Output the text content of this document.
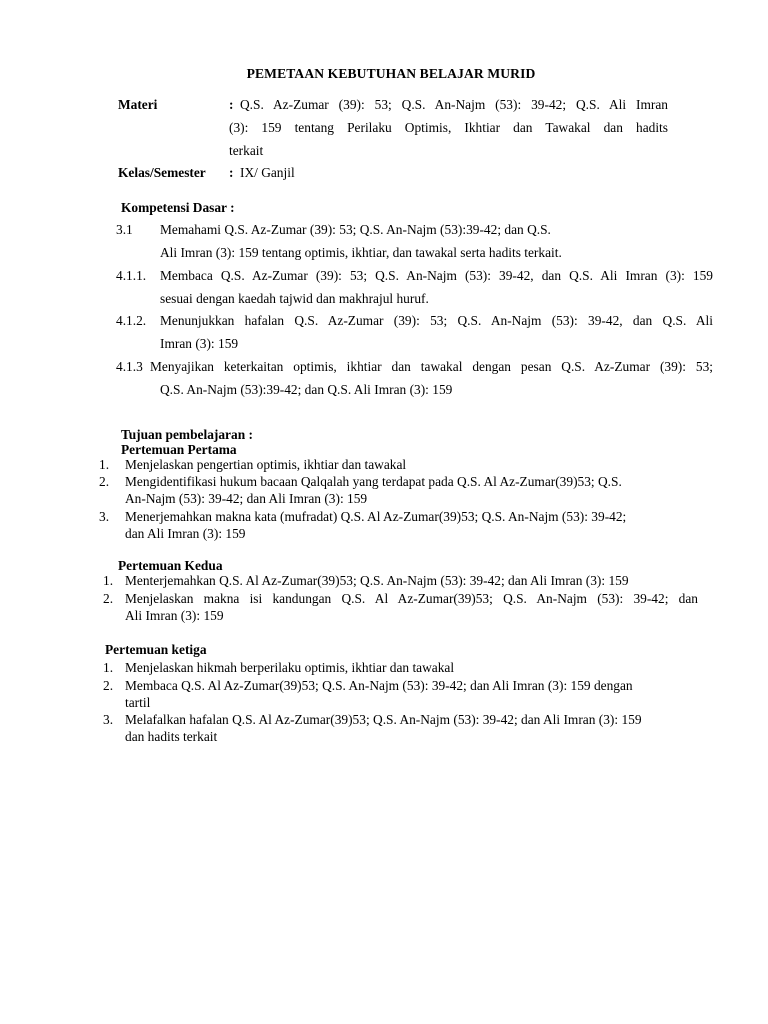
PEMETAAN KEBUTUHAN BELAJAR MURID
Materi	: Q.S. Az-Zumar (39): 53; Q.S. An-Najm (53): 39-42; Q.S. Ali Imran
(3): 159 tentang Perilaku Optimis, Ikhtiar dan Tawakal dan hadits
terkait
Kelas/Semester : IX/ Ganjil
Kompetensi Dasar :
3.1 Memahami Q.S. Az-Zumar (39): 53; Q.S. An-Najm (53):39-42; dan Q.S.
Ali Imran (3): 159 tentang optimis, ikhtiar, dan tawakal serta hadits terkait.
4.1.1. Membaca Q.S. Az-Zumar (39): 53; Q.S. An-Najm (53): 39-42, dan Q.S. Ali Imran (3): 159
sesuai dengan kaedah tajwid dan makhrajul huruf.
4.1.2. Menunjukkan hafalan Q.S. Az-Zumar (39): 53; Q.S. An-Najm (53): 39-42, dan Q.S. Ali
Imran (3): 159
4.1.3 Menyajikan keterkaitan optimis, ikhtiar dan tawakal dengan pesan Q.S. Az-Zumar (39): 53;
Q.S. An-Najm (53):39-42; dan Q.S. Ali Imran (3): 159
Tujuan pembelajaran :
Pertemuan Pertama
1. Menjelaskan pengertian optimis, ikhtiar dan tawakal
2. Mengidentifikasi hukum bacaan Qalqalah yang terdapat pada Q.S. Al Az-Zumar(39)53; Q.S.
An-Najm (53): 39-42; dan Ali Imran (3): 159
3. Menerjemahkan makna kata (mufradat) Q.S. Al Az-Zumar(39)53; Q.S. An-Najm (53): 39-42;
dan Ali Imran (3): 159
Pertemuan Kedua
1. Menterjemahkan Q.S. Al Az-Zumar(39)53; Q.S. An-Najm (53): 39-42; dan Ali Imran (3): 159
2. Menjelaskan makna isi kandungan Q.S. Al Az-Zumar(39)53; Q.S. An-Najm (53): 39-42; dan
Ali Imran (3): 159
Pertemuan ketiga
1. Menjelaskan hikmah berperilaku optimis, ikhtiar dan tawakal
2. Membaca Q.S. Al Az-Zumar(39)53; Q.S. An-Najm (53): 39-42; dan Ali Imran (3): 159 dengan
tartil
3. Melafalkan hafalan Q.S. Al Az-Zumar(39)53; Q.S. An-Najm (53): 39-42; dan Ali Imran (3): 159
dan hadits terkait
